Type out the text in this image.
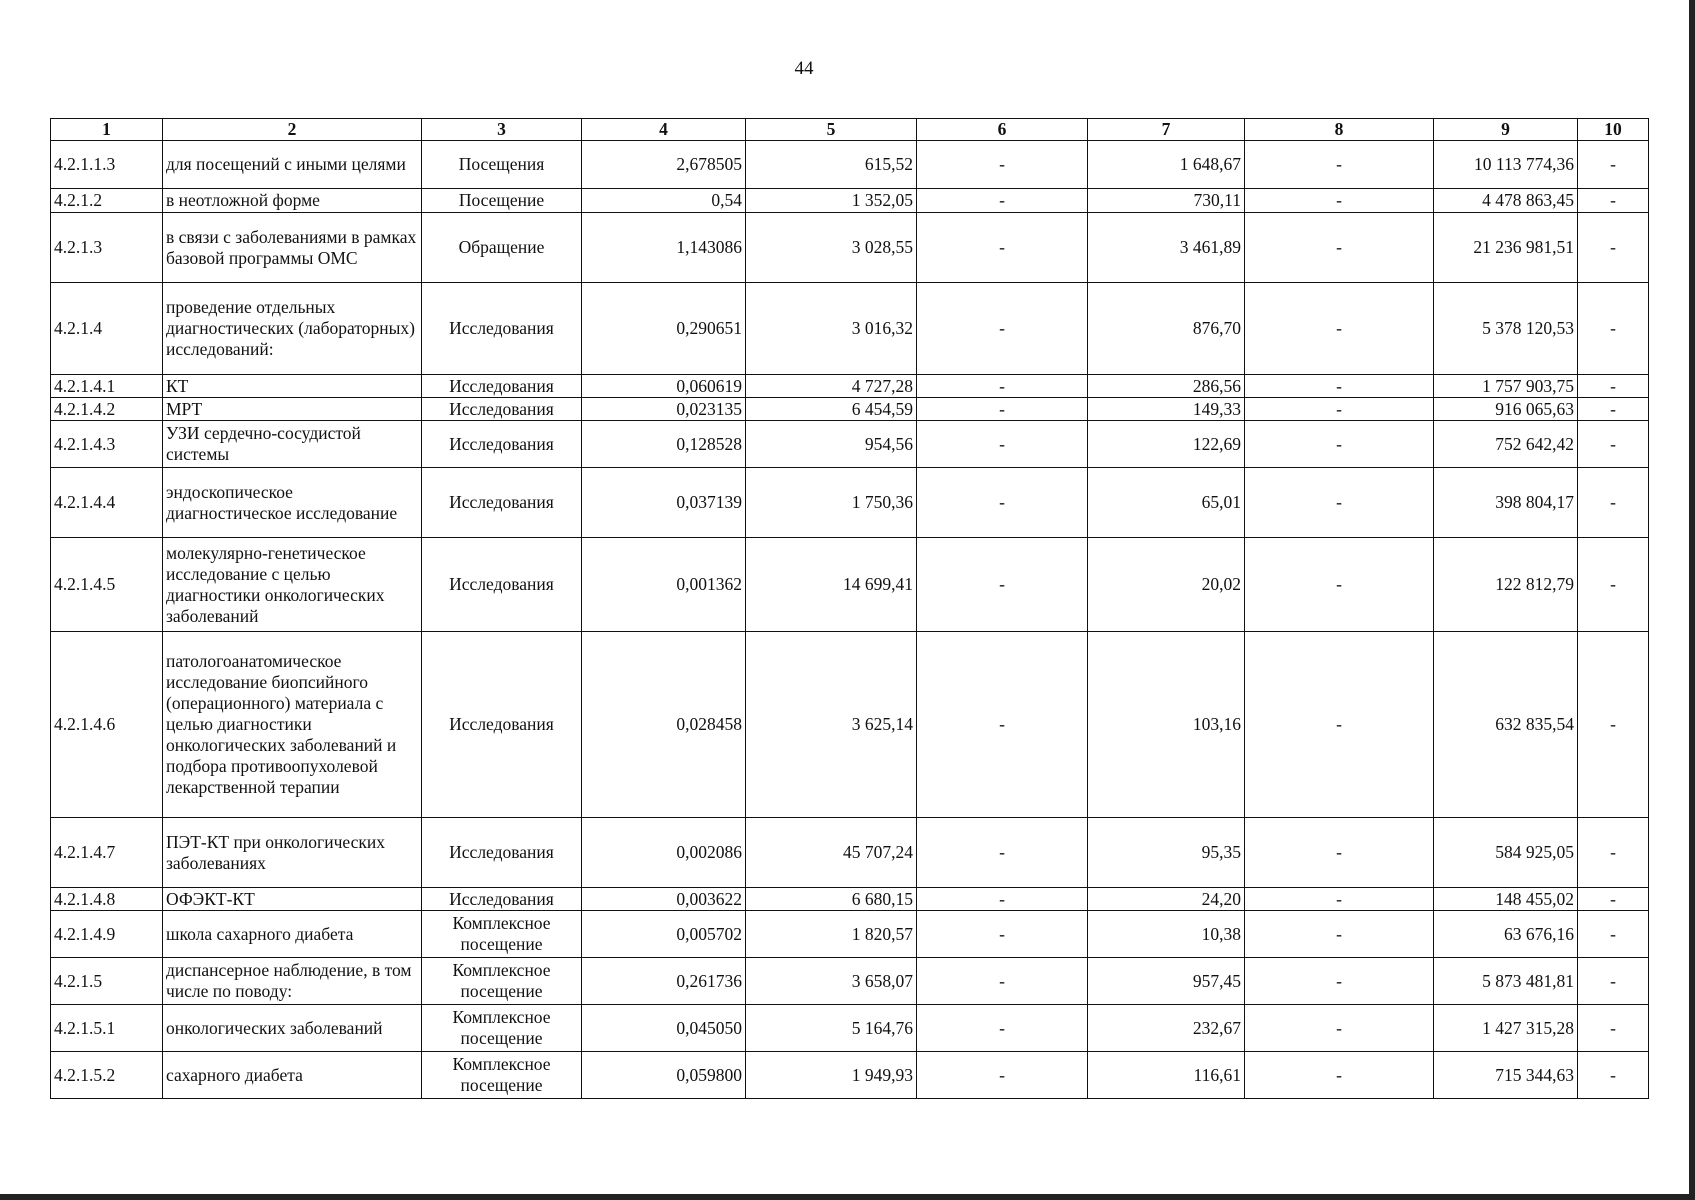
44
1	2	3	4	5	6	7	8	9	10
4.2.1.1.3	для посещений с иными целями	Посещения	2,678505	615,52	-	1 648,67	-	10 113 774,36	-
4.2.1.2	в неотложной форме	Посещение	0,54	1 352,05	-	730,11	-	4 478 863,45	-
4.2.1.3	в связи с заболеваниями в рамках базовой программы ОМС	Обращение	1,143086	3 028,55	-	3 461,89	-	21 236 981,51	-
4.2.1.4	проведение отдельных диагностических (лабораторных) исследований:	Исследования	0,290651	3 016,32	-	876,70	-	5 378 120,53	-
4.2.1.4.1	КТ	Исследования	0,060619	4 727,28	-	286,56	-	1 757 903,75	-
4.2.1.4.2	МРТ	Исследования	0,023135	6 454,59	-	149,33	-	916 065,63	-
4.2.1.4.3	УЗИ сердечно-сосудистой системы	Исследования	0,128528	954,56	-	122,69	-	752 642,42	-
4.2.1.4.4	эндоскопическое диагностическое исследование	Исследования	0,037139	1 750,36	-	65,01	-	398 804,17	-
4.2.1.4.5	молекулярно-генетическое исследование с целью диагностики онкологических заболеваний	Исследования	0,001362	14 699,41	-	20,02	-	122 812,79	-
4.2.1.4.6	патологоанатомическое исследование биопсийного (операционного) материала с целью диагностики онкологических заболеваний и подбора противоопухолевой лекарственной терапии	Исследования	0,028458	3 625,14	-	103,16	-	632 835,54	-
4.2.1.4.7	ПЭТ-КТ при онкологических заболеваниях	Исследования	0,002086	45 707,24	-	95,35	-	584 925,05	-
4.2.1.4.8	ОФЭКТ-КТ	Исследования	0,003622	6 680,15	-	24,20	-	148 455,02	-
4.2.1.4.9	школа сахарного диабета	Комплексное посещение	0,005702	1 820,57	-	10,38	-	63 676,16	-
4.2.1.5	диспансерное наблюдение, в том числе по поводу:	Комплексное посещение	0,261736	3 658,07	-	957,45	-	5 873 481,81	-
4.2.1.5.1	онкологических заболеваний	Комплексное посещение	0,045050	5 164,76	-	232,67	-	1 427 315,28	-
4.2.1.5.2	сахарного диабета	Комплексное посещение	0,059800	1 949,93	-	116,61	-	715 344,63	-
